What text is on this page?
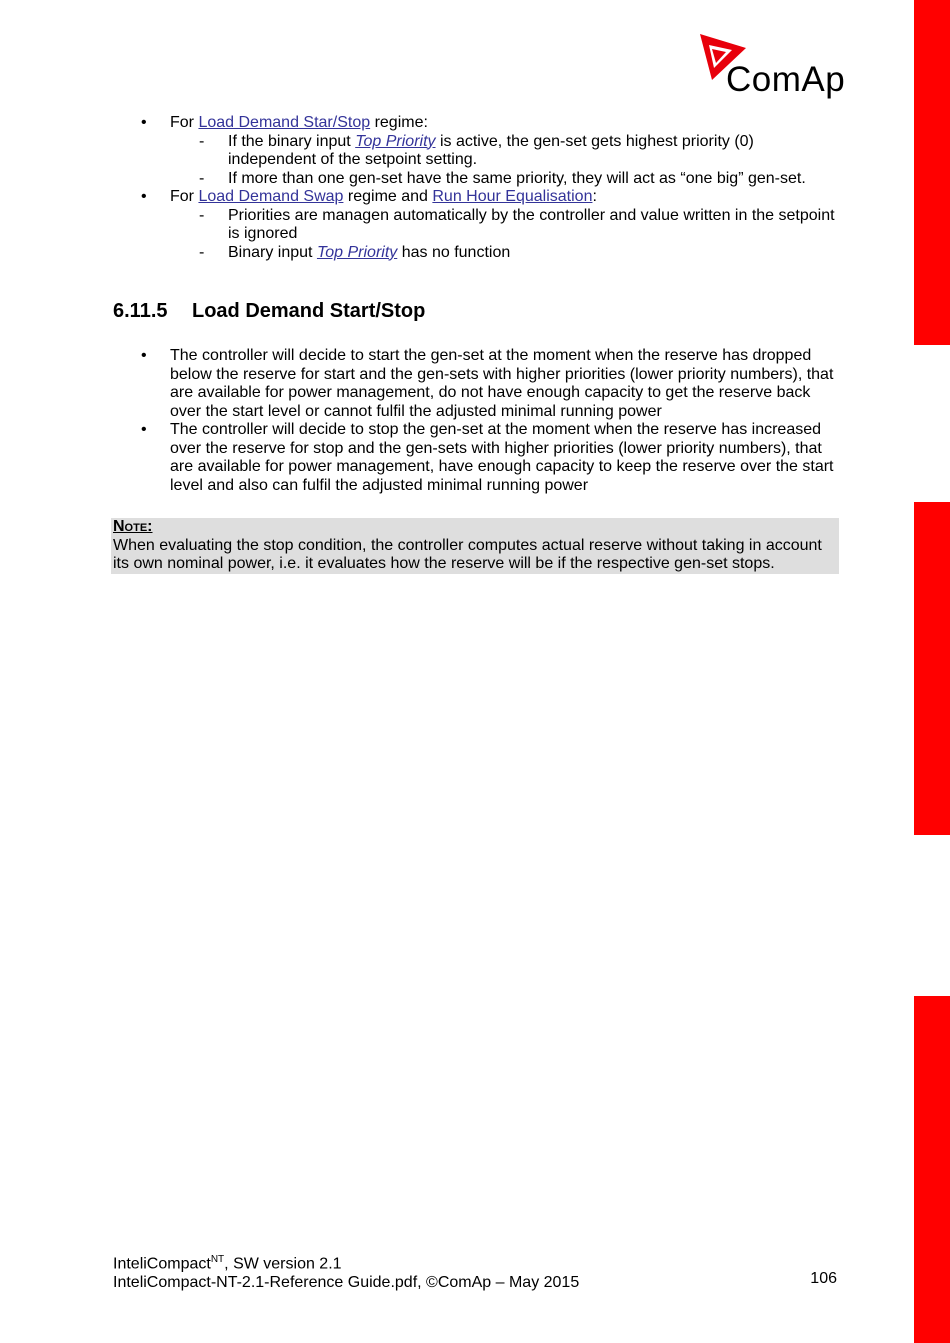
ComAp
• For Load Demand Star/Stop regime:
- If the binary input Top Priority is active, the gen-set gets highest priority (0) independent of the setpoint setting.
- If more than one gen-set have the same priority, they will act as “one big” gen-set.
• For Load Demand Swap regime and Run Hour Equalisation:
- Priorities are managen automatically by the controller and value written in the setpoint is ignored
- Binary input Top Priority has no function
6.11.5 Load Demand Start/Stop
• The controller will decide to start the gen-set at the moment when the reserve has dropped below the reserve for start and the gen-sets with higher priorities (lower priority numbers), that are available for power management, do not have enough capacity to get the reserve back over the start level or cannot fulfil the adjusted minimal running power
• The controller will decide to stop the gen-set at the moment when the reserve has increased over the reserve for stop and the gen-sets with higher priorities (lower priority numbers), that are available for power management, have enough capacity to keep the reserve over the start level and also can fulfil the adjusted minimal running power
Note:
When evaluating the stop condition, the controller computes actual reserve without taking in account its own nominal power, i.e. it evaluates how the reserve will be if the respective gen-set stops.
InteliCompact$^{NT}$, SW version 2.1
InteliCompact-NT-2.1-Reference Guide.pdf, ©ComAp – May 2015	106
